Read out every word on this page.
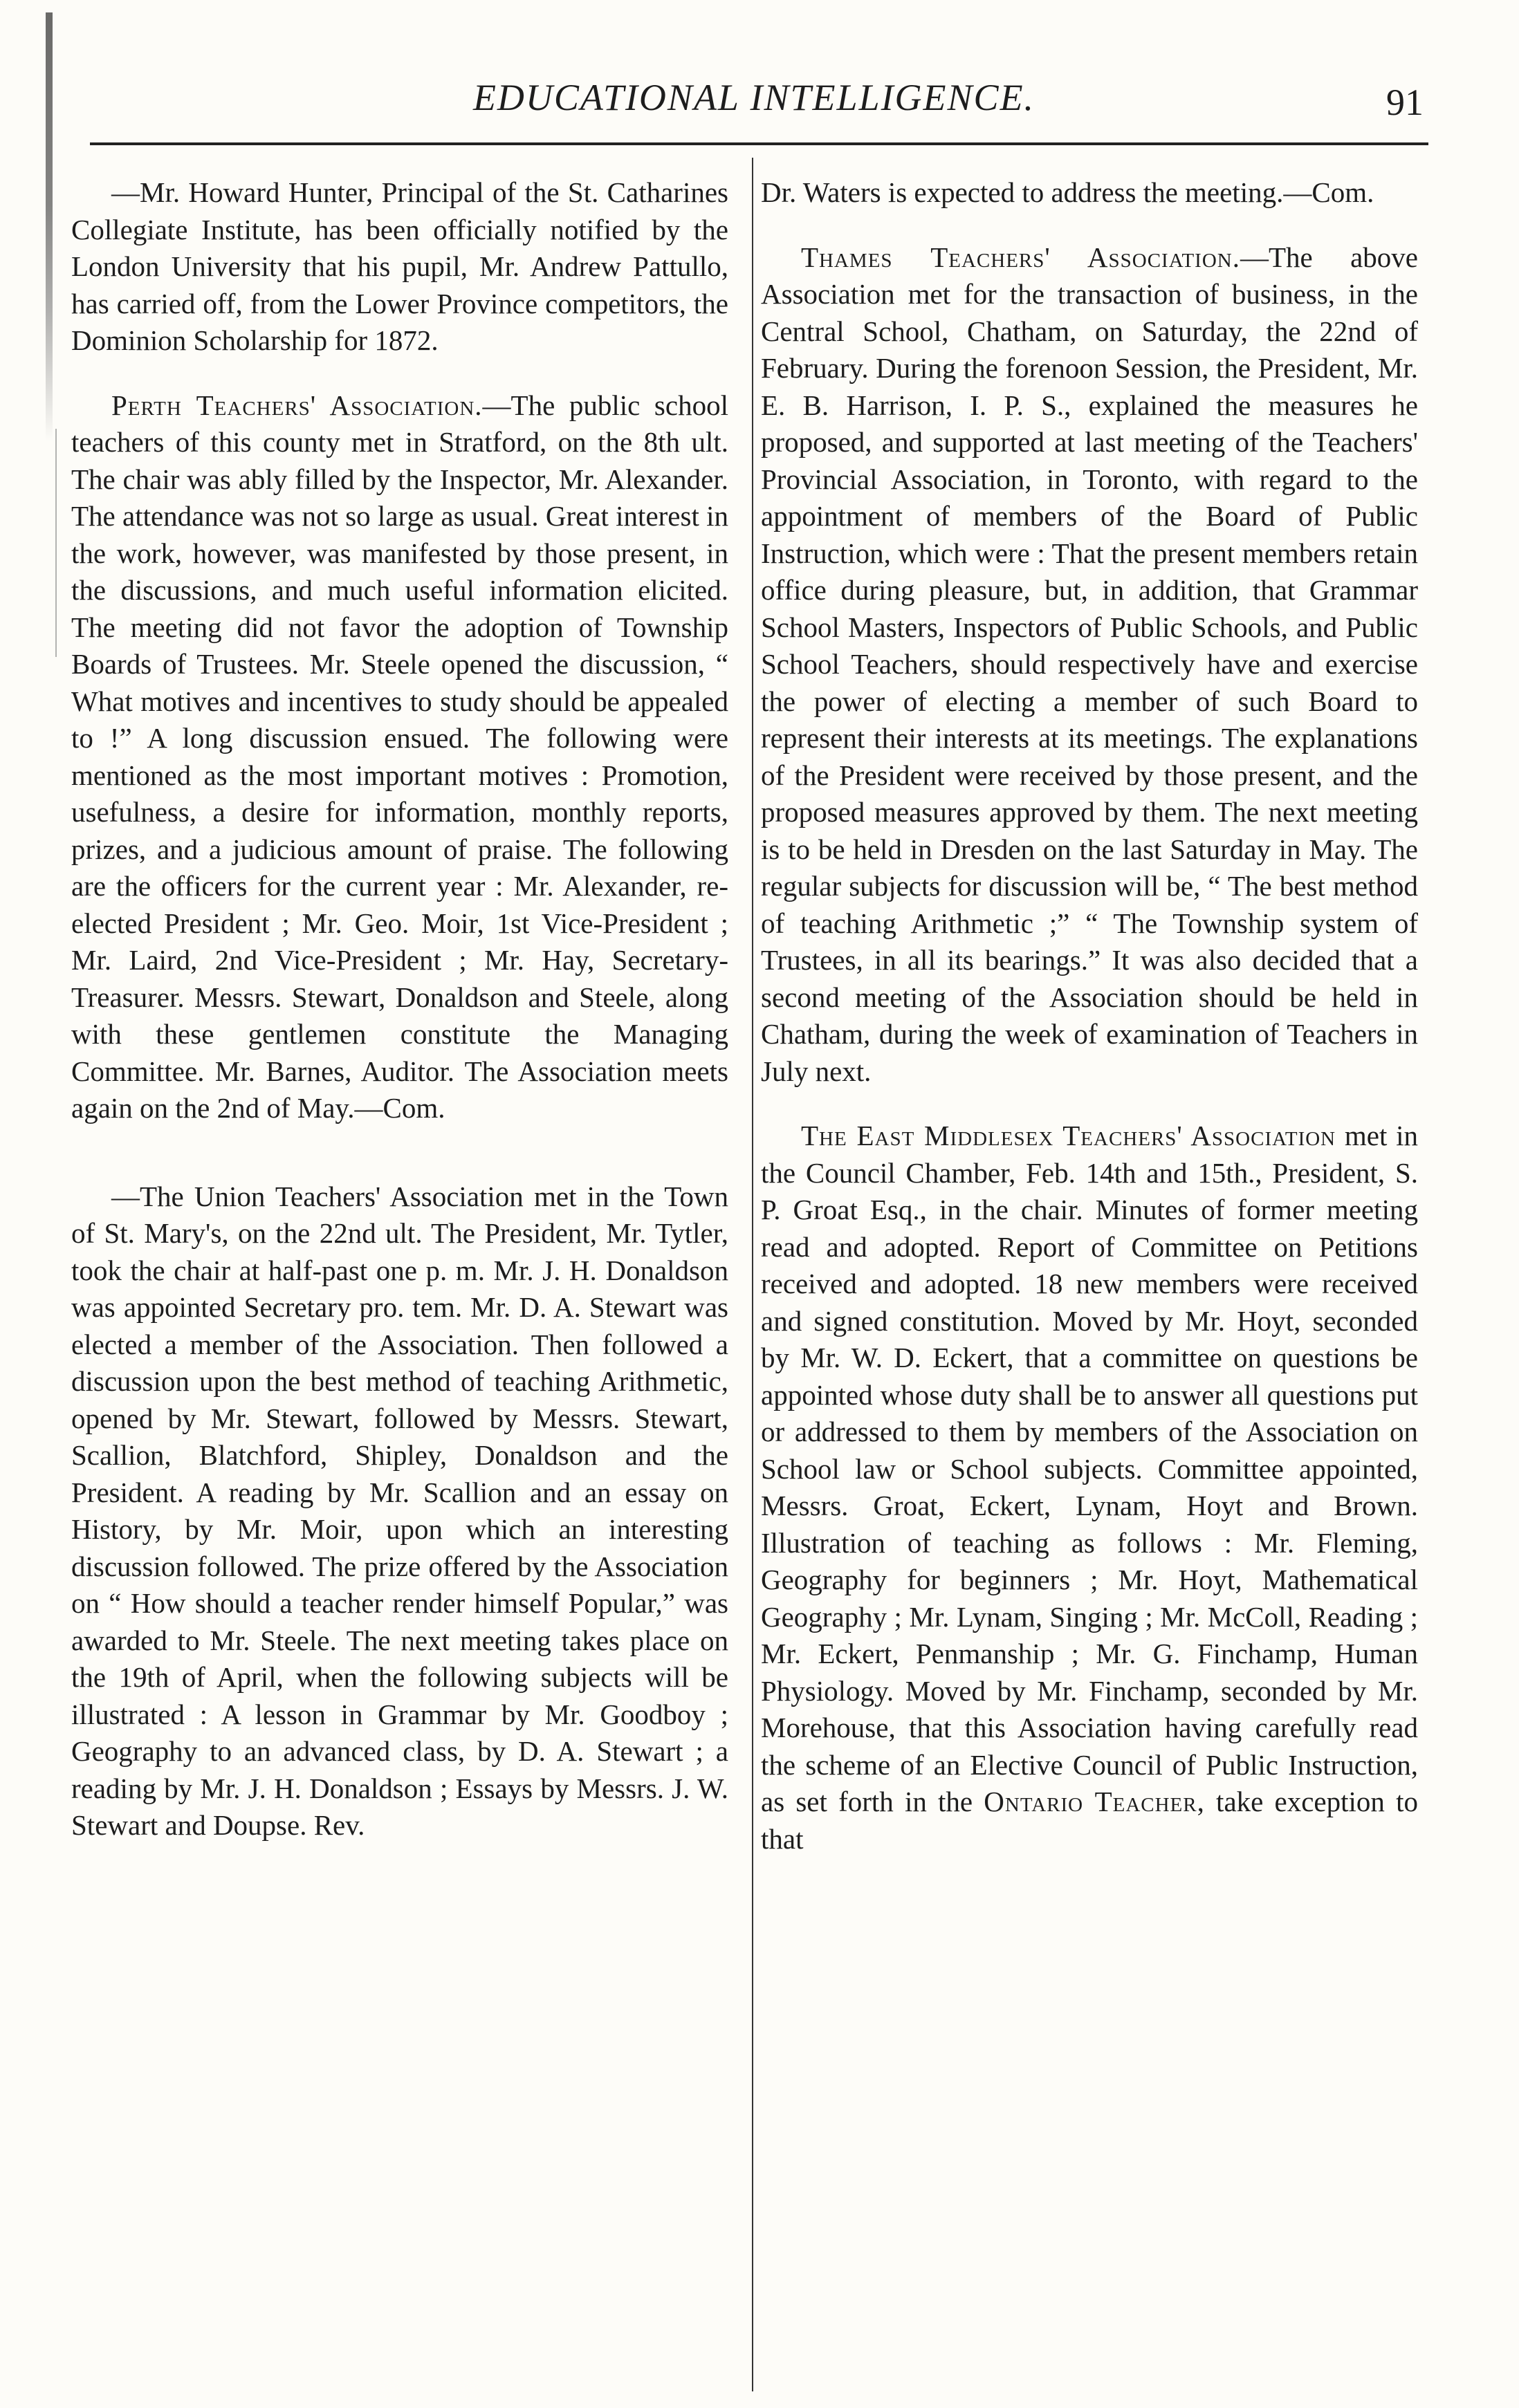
EDUCATIONAL INTELLIGENCE.	91

—Mr. Howard Hunter, Principal of the St. Catharines Collegiate Institute, has been officially notified by the London University that his pupil, Mr. Andrew Pattullo, has carried off, from the Lower Province competitors, the Dominion Scholarship for 1872.

Perth Teachers' Association.—The public school teachers of this county met in Stratford, on the 8th ult. The chair was ably filled by the Inspector, Mr. Alexander. The attendance was not so large as usual. Great interest in the work, however, was manifested by those present, in the discussions, and much useful information elicited. The meeting did not favor the adoption of Township Boards of Trustees. Mr. Steele opened the discussion, “ What motives and incentives to study should be appealed to !” A long discussion ensued. The following were mentioned as the most important motives : Promotion, usefulness, a desire for information, monthly reports, prizes, and a judicious amount of praise. The following are the officers for the current year : Mr. Alexander, re-elected President ; Mr. Geo. Moir, 1st Vice-President ; Mr. Laird, 2nd Vice-President ; Mr. Hay, Secretary-Treasurer. Messrs. Stewart, Donaldson and Steele, along with these gentlemen constitute the Managing Committee. Mr. Barnes, Auditor. The Association meets again on the 2nd of May.—Com.

—The Union Teachers' Association met in the Town of St. Mary's, on the 22nd ult. The President, Mr. Tytler, took the chair at half-past one p. m. Mr. J. H. Donaldson was appointed Secretary pro. tem. Mr. D. A. Stewart was elected a member of the Association. Then followed a discussion upon the best method of teaching Arithmetic, opened by Mr. Stewart, followed by Messrs. Stewart, Scallion, Blatchford, Shipley, Donaldson and the President. A reading by Mr. Scallion and an essay on History, by Mr. Moir, upon which an interesting discussion followed. The prize offered by the Association on “ How should a teacher render himself Popular,” was awarded to Mr. Steele. The next meeting takes place on the 19th of April, when the following subjects will be illustrated : A lesson in Grammar by Mr. Goodboy ; Geography to an advanced class, by D. A. Stewart ; a reading by Mr. J. H. Donaldson ; Essays by Messrs. J. W. Stewart and Doupse. Rev.

Dr. Waters is expected to address the meeting.—Com.

Thames Teachers' Association.—The above Association met for the transaction of business, in the Central School, Chatham, on Saturday, the 22nd of February. During the forenoon Session, the President, Mr. E. B. Harrison, I. P. S., explained the measures he proposed, and supported at last meeting of the Teachers' Provincial Association, in Toronto, with regard to the appointment of members of the Board of Public Instruction, which were : That the present members retain office during pleasure, but, in addition, that Grammar School Masters, Inspectors of Public Schools, and Public School Teachers, should respectively have and exercise the power of electing a member of such Board to represent their interests at its meetings. The explanations of the President were received by those present, and the proposed measures approved by them. The next meeting is to be held in Dresden on the last Saturday in May. The regular subjects for discussion will be, “ The best method of teaching Arithmetic ;” “ The Township system of Trustees, in all its bearings.” It was also decided that a second meeting of the Association should be held in Chatham, during the week of examination of Teachers in July next.

The East Middlesex Teachers' Association met in the Council Chamber, Feb. 14th and 15th., President, S. P. Groat Esq., in the chair. Minutes of former meeting read and adopted. Report of Committee on Petitions received and adopted. 18 new members were received and signed constitution. Moved by Mr. Hoyt, seconded by Mr. W. D. Eckert, that a committee on questions be appointed whose duty shall be to answer all questions put or addressed to them by members of the Association on School law or School subjects. Committee appointed, Messrs. Groat, Eckert, Lynam, Hoyt and Brown. Illustration of teaching as follows : Mr. Fleming, Geography for beginners ; Mr. Hoyt, Mathematical Geography ; Mr. Lynam, Singing ; Mr. McColl, Reading ; Mr. Eckert, Penmanship ; Mr. G. Finchamp, Human Physiology. Moved by Mr. Finchamp, seconded by Mr. Morehouse, that this Association having carefully read the scheme of an Elective Council of Public Instruction, as set forth in the Ontario Teacher, take exception to that
